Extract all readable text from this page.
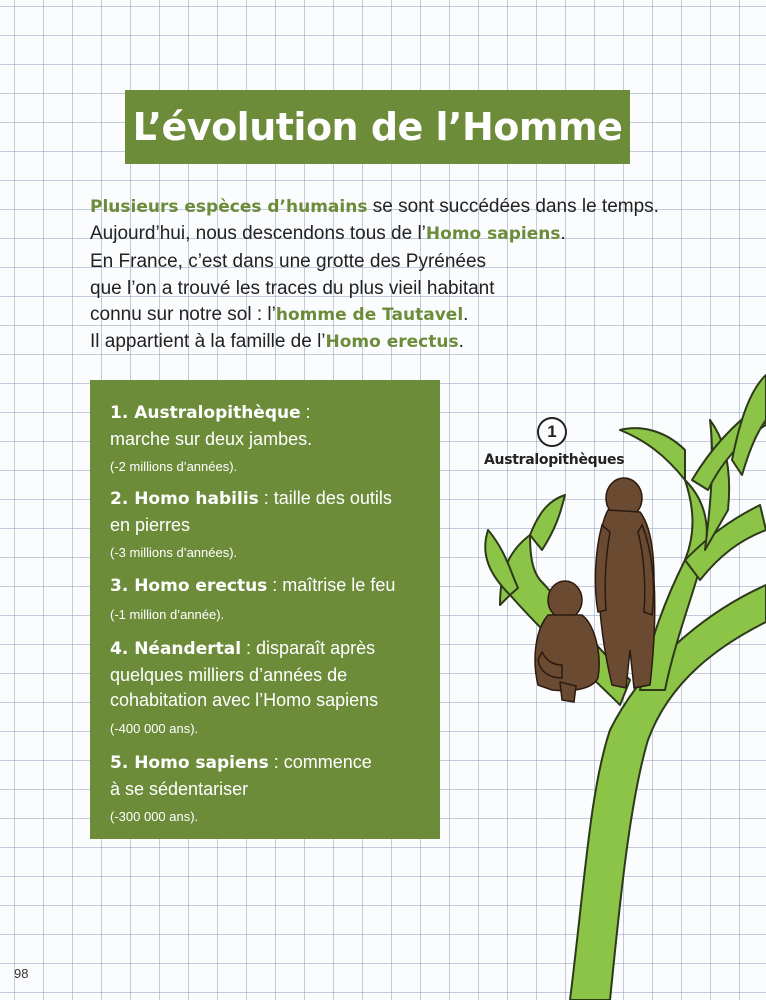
L’évolution de l’Homme

Plusieurs espèces d’humains se sont succédées dans le temps.

Aujourd’hui, nous descendons tous de l’Homo sapiens.

En France, c’est dans une grotte des Pyrénées

que l’on a trouvé les traces du plus vieil habitant

connu sur notre sol : l’homme de Tautavel.

Il appartient à la famille de l’Homo erectus.

1. Australopithèque :
marche sur deux jambes.
(-2 millions d’années).
2. Homo habilis : taille des outils
en pierres
(-3 millions d’années).
3. Homo erectus : maîtrise le feu
(-1 million d’année).
4. Néandertal : disparaît après
quelques milliers d’années de
cohabitation avec l’Homo sapiens
(-400 000 ans).
5. Homo sapiens : commence
à se sédentariser
(-300 000 ans).
1
Australopithèques
98
